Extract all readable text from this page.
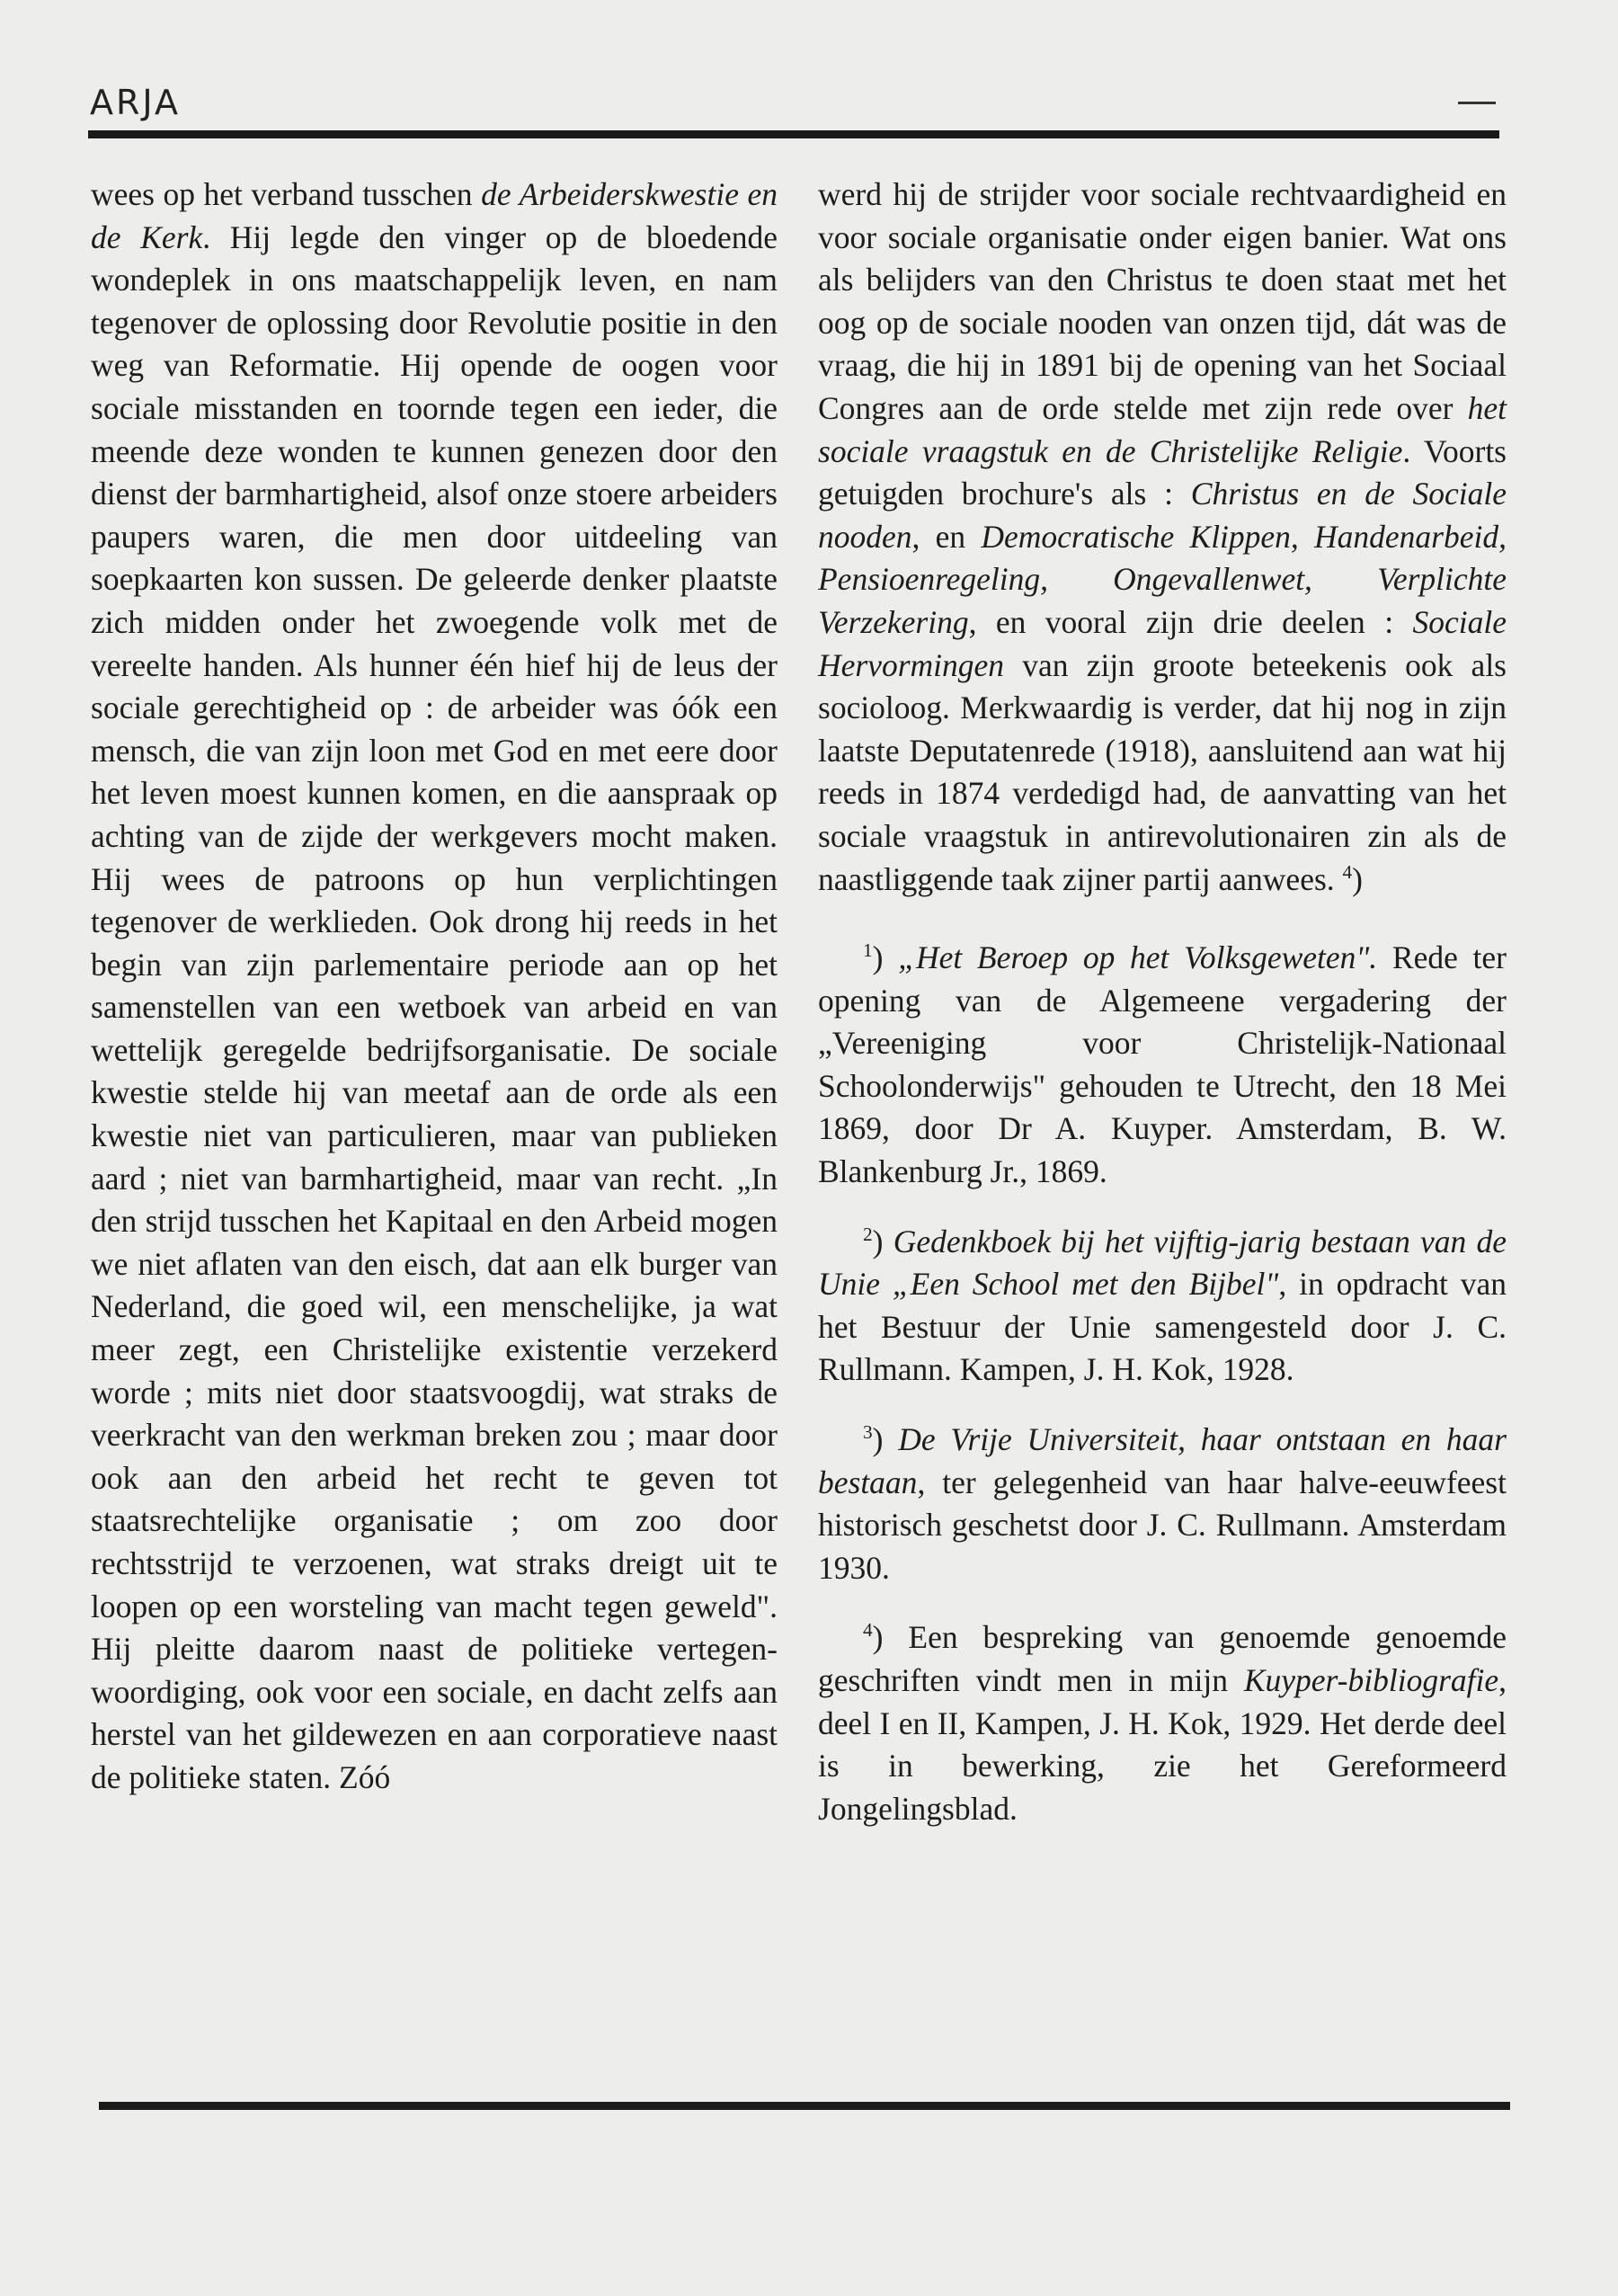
ARJA

wees op het verband tusschen de Arbeiderskwestie en de Kerk. Hij legde den vinger op de bloedende wondeplek in ons maatschappelijk leven, en nam tegenover de oplossing door Revolutie positie in den weg van Reformatie. Hij opende de oogen voor sociale misstanden en toornde tegen een ieder, die meende deze wonden te kunnen genezen door den dienst der barmhartigheid, alsof onze stoere arbeiders paupers waren, die men door uitdeeling van soepkaarten kon sussen. De geleerde denker plaatste zich midden onder het zwoegende volk met de vereelte handen. Als hunner één hief hij de leus der sociale gerechtigheid op : de arbeider was óók een mensch, die van zijn loon met God en met eere door het leven moest kunnen komen, en die aanspraak op achting van de zijde der werkgevers mocht maken. Hij wees de patroons op hun verplichtingen tegenover de werklieden. Ook drong hij reeds in het begin van zijn parlementaire periode aan op het samenstellen van een wetboek van arbeid en van wettelijk geregelde bedrijfsorganisatie. De sociale kwestie stelde hij van meetaf aan de orde als een kwestie niet van particulieren, maar van publieken aard ; niet van barmhartigheid, maar van recht. „In den strijd tusschen het Kapitaal en den Arbeid mogen we niet aflaten van den eisch, dat aan elk burger van Nederland, die goed wil, een menschelijke, ja wat meer zegt, een Christelijke existentie verzekerd worde ; mits niet door staatsvoogdij, wat straks de veerkracht van den werkman breken zou ; maar door ook aan den arbeid het recht te geven tot staatsrechtelijke organisatie ; om zoo door rechtsstrijd te verzoenen, wat straks dreigt uit te loopen op een worsteling van macht tegen geweld". Hij pleitte daarom naast de politieke vertegenwoordiging, ook voor een sociale, en dacht zelfs aan herstel van het gildewezen en aan corporatieve naast de politieke staten. Zóó

werd hij de strijder voor sociale rechtvaardigheid en voor sociale organisatie onder eigen banier. Wat ons als belijders van den Christus te doen staat met het oog op de sociale nooden van onzen tijd, dát was de vraag, die hij in 1891 bij de opening van het Sociaal Congres aan de orde stelde met zijn rede over het sociale vraagstuk en de Christelijke Religie. Voorts getuigden brochure's als : Christus en de Sociale nooden, en Democratische Klippen, Handenarbeid, Pensioenregeling, Ongevallenwet, Verplichte Verzekering, en vooral zijn drie deelen : Sociale Hervormingen van zijn groote beteekenis ook als socioloog. Merkwaardig is verder, dat hij nog in zijn laatste Deputatenrede (1918), aansluitend aan wat hij reeds in 1874 verdedigd had, de aanvatting van het sociale vraagstuk in antirevolutionairen zin als de naastliggende taak zijner partij aanwees. $^4$)

$^1$) „Het Beroep op het Volksgeweten". Rede ter opening van de Algemeene vergadering der „Vereeniging voor Christelijk-Nationaal Schoolonderwijs" gehouden te Utrecht, den 18 Mei 1869, door Dr A. Kuyper. Amsterdam, B. W. Blankenburg Jr., 1869.

$^2$) Gedenkboek bij het vijftig-jarig bestaan van de Unie „Een School met den Bijbel", in opdracht van het Bestuur der Unie samengesteld door J. C. Rullmann. Kampen, J. H. Kok, 1928.

$^3$) De Vrije Universiteit, haar ontstaan en haar bestaan, ter gelegenheid van haar halve-eeuwfeest historisch geschetst door J. C. Rullmann. Amsterdam 1930.

$^4$) Een bespreking van genoemde genoemde geschriften vindt men in mijn Kuyper-bibliografie, deel I en II, Kampen, J. H. Kok, 1929. Het derde deel is in bewerking, zie het Gereformeerd Jongelingsblad.
